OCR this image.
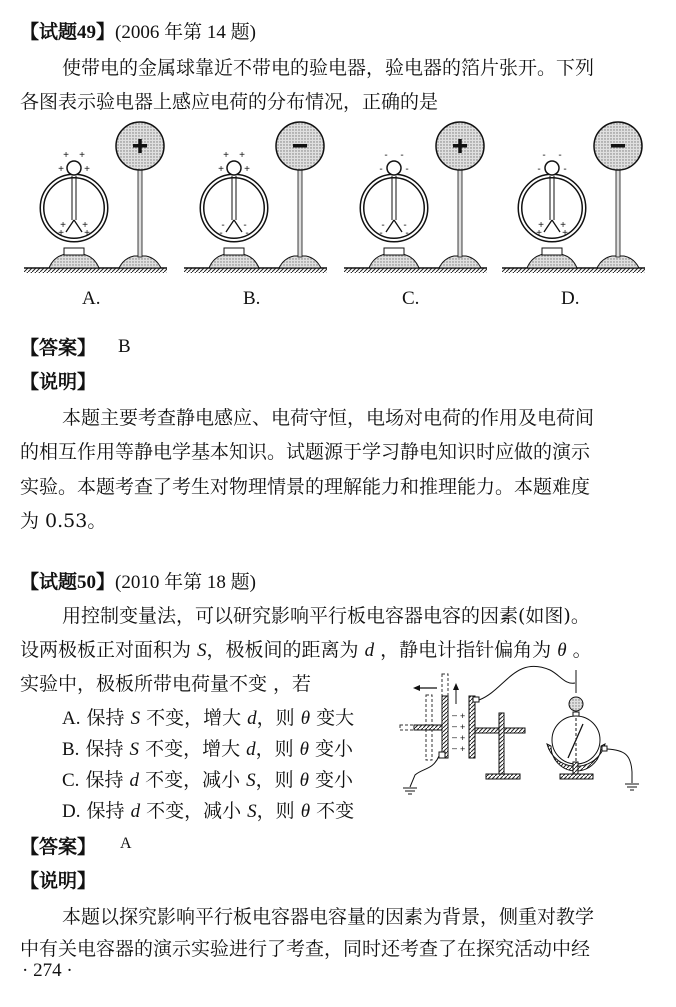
【试题49】(2006 年第 14 题)
使带电的金属球靠近不带电的验电器，验电器的箔片张开。下列
各图表示验电器上感应电荷的分布情况，正确的是
+ +
+ +
+
+
+
+
+ +
+ +
-
-
-
-
- -
- -
-
-
-
-
- -
- -
+
+
+
+
A.	B.	C.	D.
【答案】 B
【说明】
本题主要考查静电感应、电荷守恒，电场对电荷的作用及电荷间
的相互作用等静电学基本知识。试题源于学习静电知识时应做的演示
实验。本题考查了考生对物理情景的理解能力和推理能力。本题难度
为 0.53。
【试题50】(2010 年第 18 题)
用控制变量法，可以研究影响平行板电容器电容的因素(如图)。
设两极板正对面积为 S，极板间的距离为 d ，静电计指针偏角为 θ 。
实验中，极板所带电荷量不变 ，若
A. 保持 S 不变，增大 d，则 θ 变大
B. 保持 S 不变，增大 d，则 θ 变小
C. 保持 d 不变，减小 S，则 θ 变小
D. 保持 d 不变，减小 S，则 θ 不变
–
–
–
–
+
+
+
+
【答案】 A
【说明】
本题以探究影响平行板电容器电容量的因素为背景，侧重对教学
中有关电容器的演示实验进行了考查，同时还考查了在探究活动中经
· 274 ·
